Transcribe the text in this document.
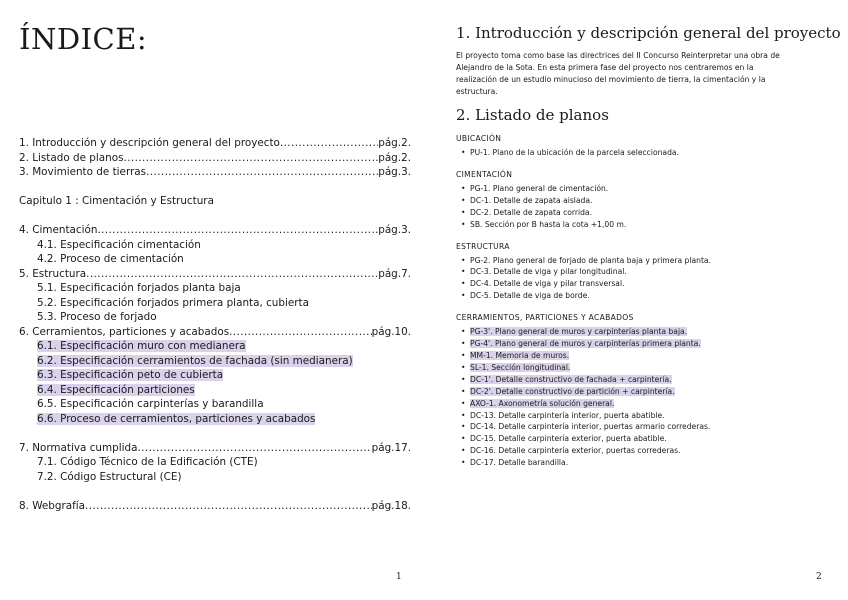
ÍNDICE:
1. Introducción y descripción general del proyecto .....	pág.2.
2. Listado de planos .....	pág.2.
3. Movimiento de tierras .....	pág.3.
Capitulo 1 : Cimentación y Estructura
4. Cimentación .....	pág.3.
4.1. Especificación cimentación
4.2. Proceso de cimentación
5. Estructura .....	pág.7.
5.1. Especificación forjados planta baja
5.2. Especificación forjados primera planta, cubierta
5.3. Proceso de forjado
6. Cerramientos, particiones y acabados .....	pág.10.
6.1. Especificación muro con medianera
6.2. Especificación cerramientos de fachada (sin medianera)
6.3. Especificación peto de cubierta
6.4. Especificación particiones
6.5. Especificación carpinterías y barandilla
6.6. Proceso de cerramientos, particiones y acabados
7. Normativa cumplida .....	pág.17.
7.1. Código Técnico de la Edificación (CTE)
7.2. Código Estructural (CE)
8. Webgrafía .....	pág.18.
1
1. Introducción y descripción general del proyecto

El proyecto toma como base las directrices del II Concurso Reinterpretar una obra de Alejandro de la Sota. En esta primera fase del proyecto nos centraremos en la realización de un estudio minucioso del movimiento de tierra, la cimentación y la estructura.

2. Listado de planos
UBICACIÓN
• PU-1. Plano de la ubicación de la parcela seleccionada.
CIMENTACIÓN
• PG-1. Plano general de cimentación.
• DC-1. Detalle de zapata aislada.
• DC-2. Detalle de zapata corrida.
• SB. Sección por B hasta la cota +1,00 m.
ESTRUCTURA
• PG-2. Plano general de forjado de planta baja y primera planta.
• DC-3. Detalle de viga y pilar longitudinal.
• DC-4. Detalle de viga y pilar transversal.
• DC-5. Detalle de viga de borde.
CERRAMIENTOS, PARTICIONES Y ACABADOS
• PG-3'. Plano general de muros y carpinterías planta baja.
• PG-4'. Plano general de muros y carpinterías primera planta.
• MM-1. Memoria de muros.
• SL-1. Sección longitudinal.
• DC-1'. Detalle constructivo de fachada + carpintería.
• DC-2'. Detalle constructivo de partición + carpintería.
• AXO-1. Axonometría solución general.
• DC-13. Detalle carpintería interior, puerta abatible.
• DC-14. Detalle carpintería interior, puertas armario correderas.
• DC-15. Detalle carpintería exterior, puerta abatible.
• DC-16. Detalle carpintería exterior, puertas correderas.
• DC-17. Detalle barandilla.
2
